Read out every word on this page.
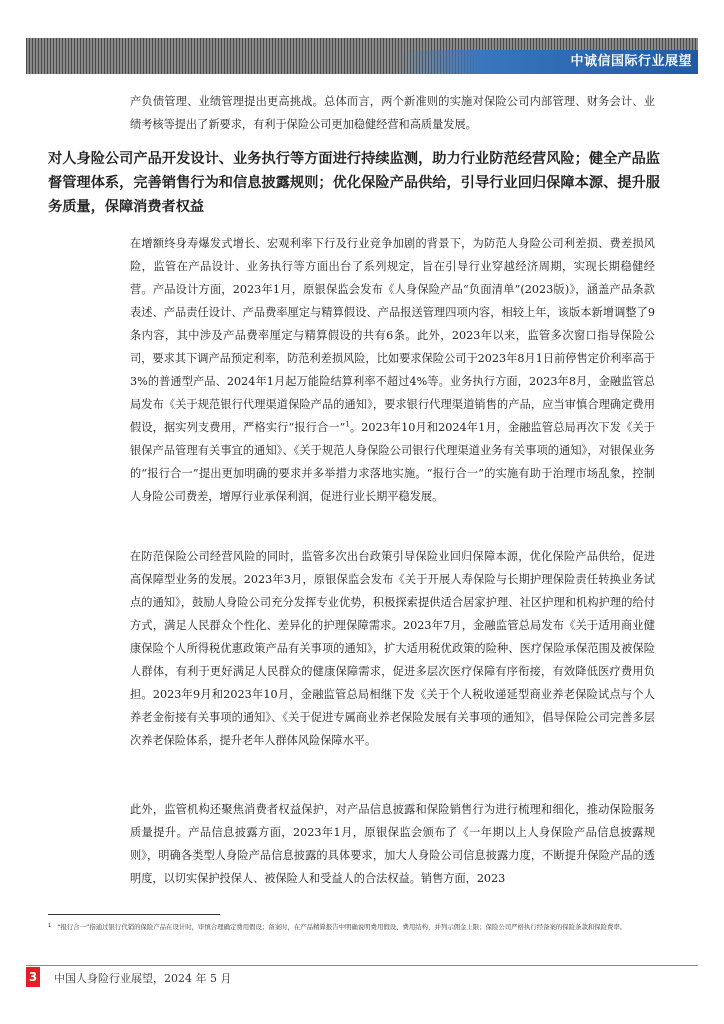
中诚信国际行业展望

产负债管理、业绩管理提出更高挑战。总体而言，两个新准则的实施对保险公司内部管理、财务会计、业绩考核等提出了新要求，有利于保险公司更加稳健经营和高质量发展。

对人身险公司产品开发设计、业务执行等方面进行持续监测，助力行业防范经营风险；健全产品监督管理体系，完善销售行为和信息披露规则；优化保险产品供给，引导行业回归保障本源、提升服务质量，保障消费者权益

在增额终身寿爆发式增长、宏观利率下行及行业竞争加剧的背景下，为防范人身险公司利差损、费差损风险，监管在产品设计、业务执行等方面出台了系列规定，旨在引导行业穿越经济周期，实现长期稳健经营。产品设计方面，2023年1月，原银保监会发布《人身保险产品“负面清单”(2023版)》，涵盖产品条款表述、产品责任设计、产品费率厘定与精算假设、产品报送管理四项内容，相较上年，该版本新增调整了9条内容，其中涉及产品费率厘定与精算假设的共有6条。此外，2023年以来，监管多次窗口指导保险公司，要求其下调产品预定利率，防范利差损风险，比如要求保险公司于2023年8月1日前停售定价利率高于3%的普通型产品、2024年1月起万能险结算利率不超过4%等。业务执行方面，2023年8月，金融监管总局发布《关于规范银行代理渠道保险产品的通知》，要求银行代理渠道销售的产品，应当审慎合理确定费用假设，据实列支费用，严格实行“报行合一”$^1$。2023年10月和2024年1月，金融监管总局再次下发《关于银保产品管理有关事宜的通知》、《关于规范人身保险公司银行代理渠道业务有关事项的通知》，对银保业务的“报行合一”提出更加明确的要求并多举措力求落地实施。“报行合一”的实施有助于治理市场乱象，控制人身险公司费差，增厚行业承保利润，促进行业长期平稳发展。

在防范保险公司经营风险的同时，监管多次出台政策引导保险业回归保障本源，优化保险产品供给，促进高保障型业务的发展。2023年3月，原银保监会发布《关于开展人寿保险与长期护理保险责任转换业务试点的通知》，鼓励人身险公司充分发挥专业优势，积极探索提供适合居家护理、社区护理和机构护理的给付方式，满足人民群众个性化、差异化的护理保障需求。2023年7月，金融监管总局发布《关于适用商业健康保险个人所得税优惠政策产品有关事项的通知》，扩大适用税优政策的险种、医疗保险承保范围及被保险人群体，有利于更好满足人民群众的健康保障需求，促进多层次医疗保障有序衔接，有效降低医疗费用负担。2023年9月和2023年10月，金融监管总局相继下发《关于个人税收递延型商业养老保险试点与个人养老金衔接有关事项的通知》、《关于促进专属商业养老保险发展有关事项的通知》，倡导保险公司完善多层次养老保险体系，提升老年人群体风险保障水平。

此外，监管机构还聚焦消费者权益保护，对产品信息披露和保险销售行为进行梳理和细化，推动保险服务质量提升。产品信息披露方面，2023年1月，原银保监会颁布了《一年期以上人身保险产品信息披露规则》，明确各类型人身险产品信息披露的具体要求，加大人身险公司信息披露力度，不断提升保险产品的透明度，以切实保护投保人、被保险人和受益人的合法权益。销售方面，2023

$^1$ “报行合一”指通过银行代销的保险产品在设计时，审慎合理确定费用假设；备案时，在产品精算报告中明确说明费用假设、费用结构，并列示佣金上限；保险公司严格执行经备案的保险条款和保险费率。
3 中国人身险行业展望，2024 年 5 月
